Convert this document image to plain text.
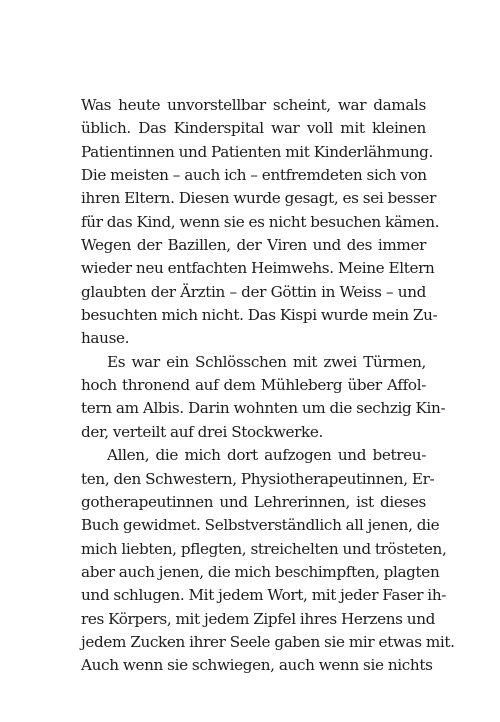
Was heute unvorstellbar scheint, war damals
üblich. Das Kinderspital war voll mit kleinen
Patientinnen und Patienten mit Kinderlähmung.
Die meisten – auch ich – entfremdeten sich von
ihren Eltern. Diesen wurde gesagt, es sei besser
für das Kind, wenn sie es nicht besuchen kämen.
Wegen der Bazillen, der Viren und des immer
wieder neu entfachten Heimwehs. Meine Eltern
glaubten der Ärztin – der Göttin in Weiss – und
besuchten mich nicht. Das Kispi wurde mein Zu-
hause.
Es war ein Schlösschen mit zwei Türmen,
hoch thronend auf dem Mühleberg über Affol-
tern am Albis. Darin wohnten um die sechzig Kin-
der, verteilt auf drei Stockwerke.
Allen, die mich dort aufzogen und betreu-
ten, den Schwestern, Physiotherapeutinnen, Er-
gotherapeutinnen und Lehrerinnen, ist dieses
Buch gewidmet. Selbstverständlich all jenen, die
mich liebten, pflegten, streichelten und trösteten,
aber auch jenen, die mich beschimpften, plagten
und schlugen. Mit jedem Wort, mit jeder Faser ih-
res Körpers, mit jedem Zipfel ihres Herzens und
jedem Zucken ihrer Seele gaben sie mir etwas mit.
Auch wenn sie schwiegen, auch wenn sie nichts
